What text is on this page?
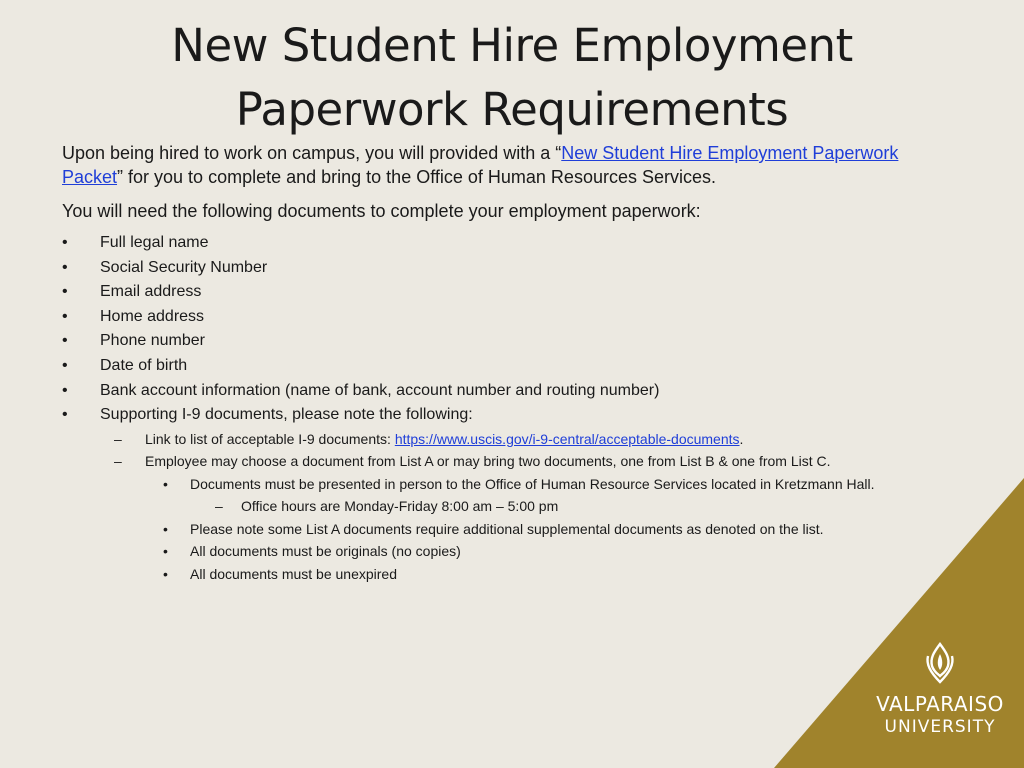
New Student Hire Employment
Paperwork Requirements

Upon being hired to work on campus, you will provided with a “New Student Hire Employment Paperwork Packet” for you to complete and bring to the Office of Human Resources Services.

You will need the following documents to complete your employment paperwork:

•	Full legal name
•	Social Security Number
•	Email address
•	Home address
•	Phone number
•	Date of birth
•	Bank account information (name of bank, account number and routing number)
•	Supporting I-9 documents, please note the following:
–	Link to list of acceptable I-9 documents: https://www.uscis.gov/i-9-central/acceptable-documents.
–	Employee may choose a document from List A or may bring two documents, one from List B & one from List C.
•	Documents must be presented in person to the Office of Human Resource Services located in Kretzmann Hall.
–	Office hours are Monday-Friday 8:00 am – 5:00 pm
•	Please note some List A documents require additional supplemental documents as denoted on the list.
•	All documents must be originals (no copies)
•	All documents must be unexpired
VALPARAISO
UNIVERSITY
